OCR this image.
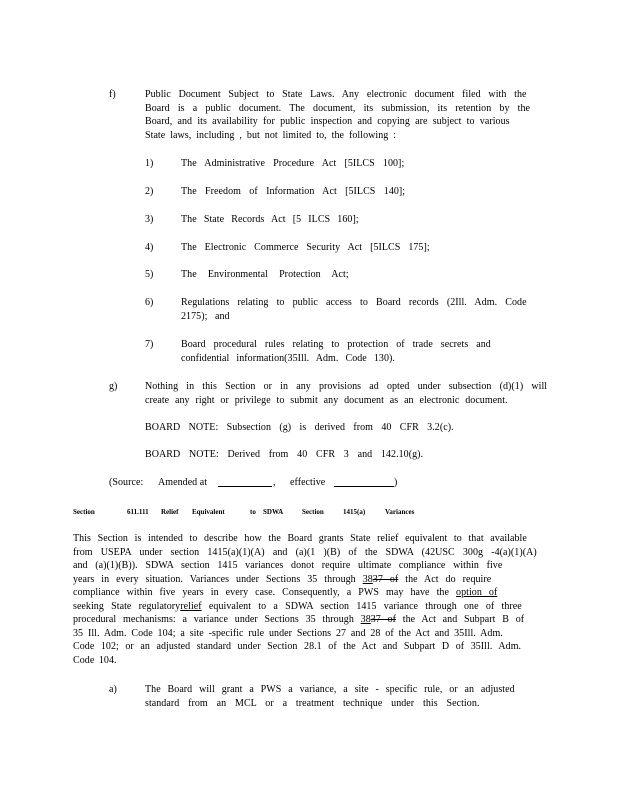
f)	Public Document Subject to State Laws. Any electronic document filed with the
Board is a public document. The document, its submission, its retention by the
Board, and its availability for public inspection and copying are subject to various
State laws, including , but not limited to, the following :
1)	The Administrative Procedure Act [5ILCS 100];
2)	The Freedom of Information Act [5ILCS 140];
3)	The State Records Act [5 ILCS 160];
4)	The Electronic Commerce Security Act [5ILCS 175];
5)	The Environmental Protection Act;
6)	Regulations relating to public access to Board records (2Ill. Adm. Code
2175); and
7)	Board procedural rules relating to protection of trade secrets and
confidential information(35Ill. Adm. Code 130).
g)	Nothing in this Section or in any provisions ad opted under subsection (d)(1) will
create any right or privilege to submit any document as an electronic document.
BOARD NOTE: Subsection (g) is derived from 40 CFR 3.2(c).
BOARD NOTE: Derived from 40 CFR 3 and 142.10(g).
(Source: Amended at	, effective	)
Section	611.111 Relief Equivalent	to SDWA	Section	1415(a)	Variances
This Section is intended to describe how the Board grants State relief equivalent to that available
from USEPA under section 1415(a)(1)(A) and (a)(1 )(B) of the SDWA (42USC 300g -4(a)(1)(A)
and (a)(1)(B)). SDWA section 1415 variances donot require ultimate compliance within five
years in every situation. Variances under Sections 35 through 3837 of the Act do require
compliance within five years in every case. Consequently, a PWS may have the option of
seeking State regulatoryrelief equivalent to a SDWA section 1415 variance through one of three
procedural mechanisms: a variance under Sections 35 through 3837 of the Act and Subpart B of
35 Ill. Adm. Code 104; a site -specific rule under Sections 27 and 28 of the Act and 35Ill. Adm.
Code 102; or an adjusted standard under Section 28.1 of the Act and Subpart D of 35Ill. Adm.
Code 104.
a)	The Board will grant a PWS a variance, a site - specific rule, or an adjusted
standard from an MCL or a treatment technique under this Section.
